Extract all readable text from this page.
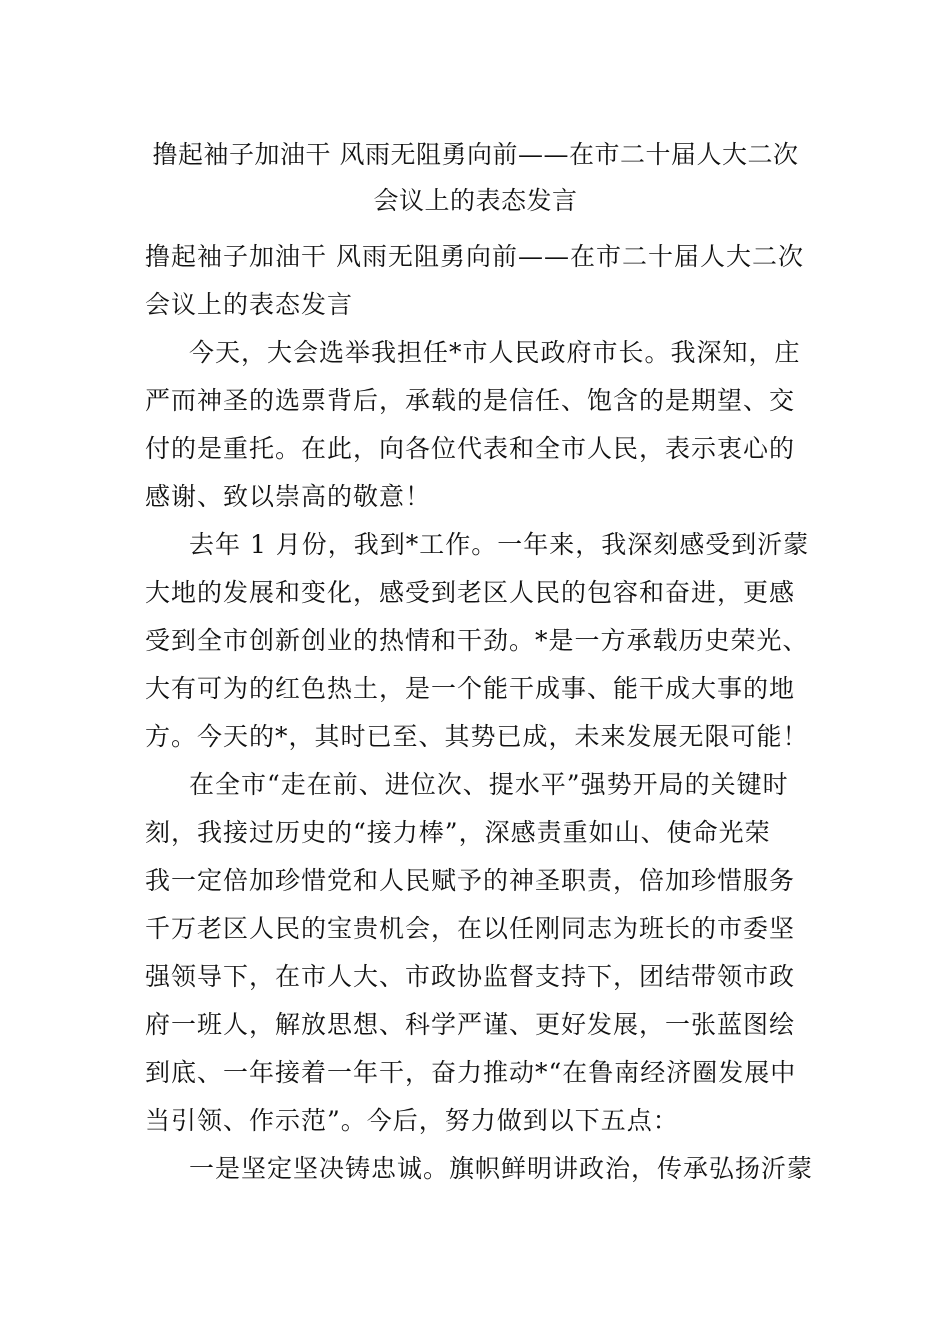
撸起袖子加油干 风雨无阻勇向前——在市二十届人大二次
会议上的表态发言

撸起袖子加油干 风雨无阻勇向前——在市二十届人大二次
会议上的表态发言

今天，大会选举我担任*市人民政府市长。我深知，庄
严而神圣的选票背后，承载的是信任、饱含的是期望、交
付的是重托。在此，向各位代表和全市人民，表示衷心的
感谢、致以崇高的敬意！

去年 1 月份，我到*工作。一年来，我深刻感受到沂蒙
大地的发展和变化，感受到老区人民的包容和奋进，更感
受到全市创新创业的热情和干劲。*是一方承载历史荣光、
大有可为的红色热土，是一个能干成事、能干成大事的地
方。今天的*，其时已至、其势已成，未来发展无限可能！

在全市“走在前、进位次、提水平”强势开局的关键时
刻，我接过历史的“接力棒”，深感责重如山、使命光荣
我一定倍加珍惜党和人民赋予的神圣职责，倍加珍惜服务
千万老区人民的宝贵机会，在以任刚同志为班长的市委坚
强领导下，在市人大、市政协监督支持下，团结带领市政
府一班人，解放思想、科学严谨、更好发展，一张蓝图绘
到底、一年接着一年干，奋力推动*“在鲁南经济圈发展中
当引领、作示范”。今后，努力做到以下五点：

一是坚定坚决铸忠诚。旗帜鲜明讲政治，传承弘扬沂蒙
